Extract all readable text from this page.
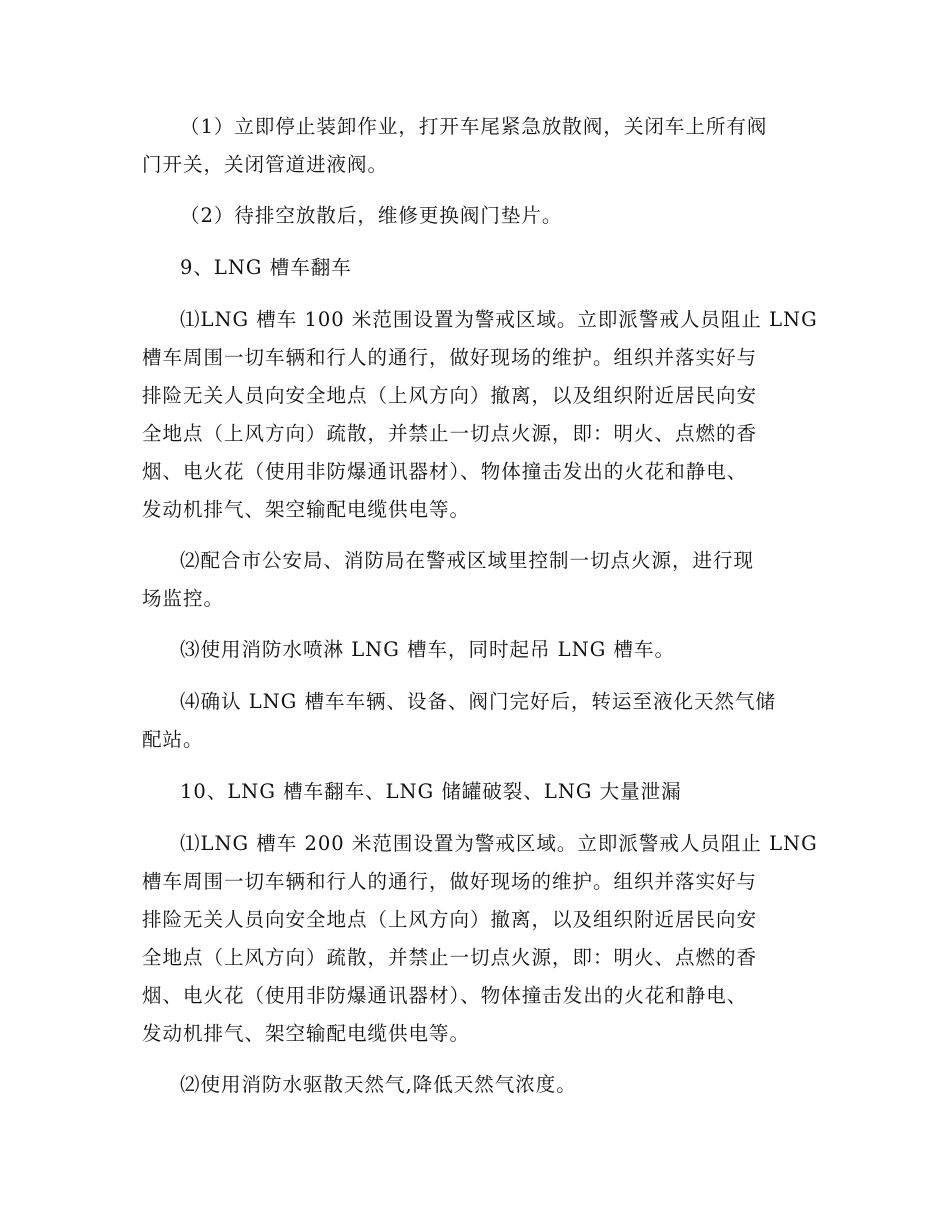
（1）立即停止装卸作业，打开车尾紧急放散阀，关闭车上所有阀
门开关，关闭管道进液阀。
（2）待排空放散后，维修更换阀门垫片。
9、LNG 槽车翻车
⑴LNG 槽车 100 米范围设置为警戒区域。立即派警戒人员阻止 LNG
槽车周围一切车辆和行人的通行，做好现场的维护。组织并落实好与
排险无关人员向安全地点（上风方向）撤离，以及组织附近居民向安
全地点（上风方向）疏散，并禁止一切点火源，即：明火、点燃的香
烟、电火花（使用非防爆通讯器材）、物体撞击发出的火花和静电、
发动机排气、架空输配电缆供电等。
⑵配合市公安局、消防局在警戒区域里控制一切点火源，进行现
场监控。
⑶使用消防水喷淋 LNG 槽车，同时起吊 LNG 槽车。
⑷确认 LNG 槽车车辆、设备、阀门完好后，转运至液化天然气储
配站。
10、LNG 槽车翻车、LNG 储罐破裂、LNG 大量泄漏
⑴LNG 槽车 200 米范围设置为警戒区域。立即派警戒人员阻止 LNG
槽车周围一切车辆和行人的通行，做好现场的维护。组织并落实好与
排险无关人员向安全地点（上风方向）撤离，以及组织附近居民向安
全地点（上风方向）疏散，并禁止一切点火源，即：明火、点燃的香
烟、电火花（使用非防爆通讯器材）、物体撞击发出的火花和静电、
发动机排气、架空输配电缆供电等。
⑵使用消防水驱散天然气,降低天然气浓度。
